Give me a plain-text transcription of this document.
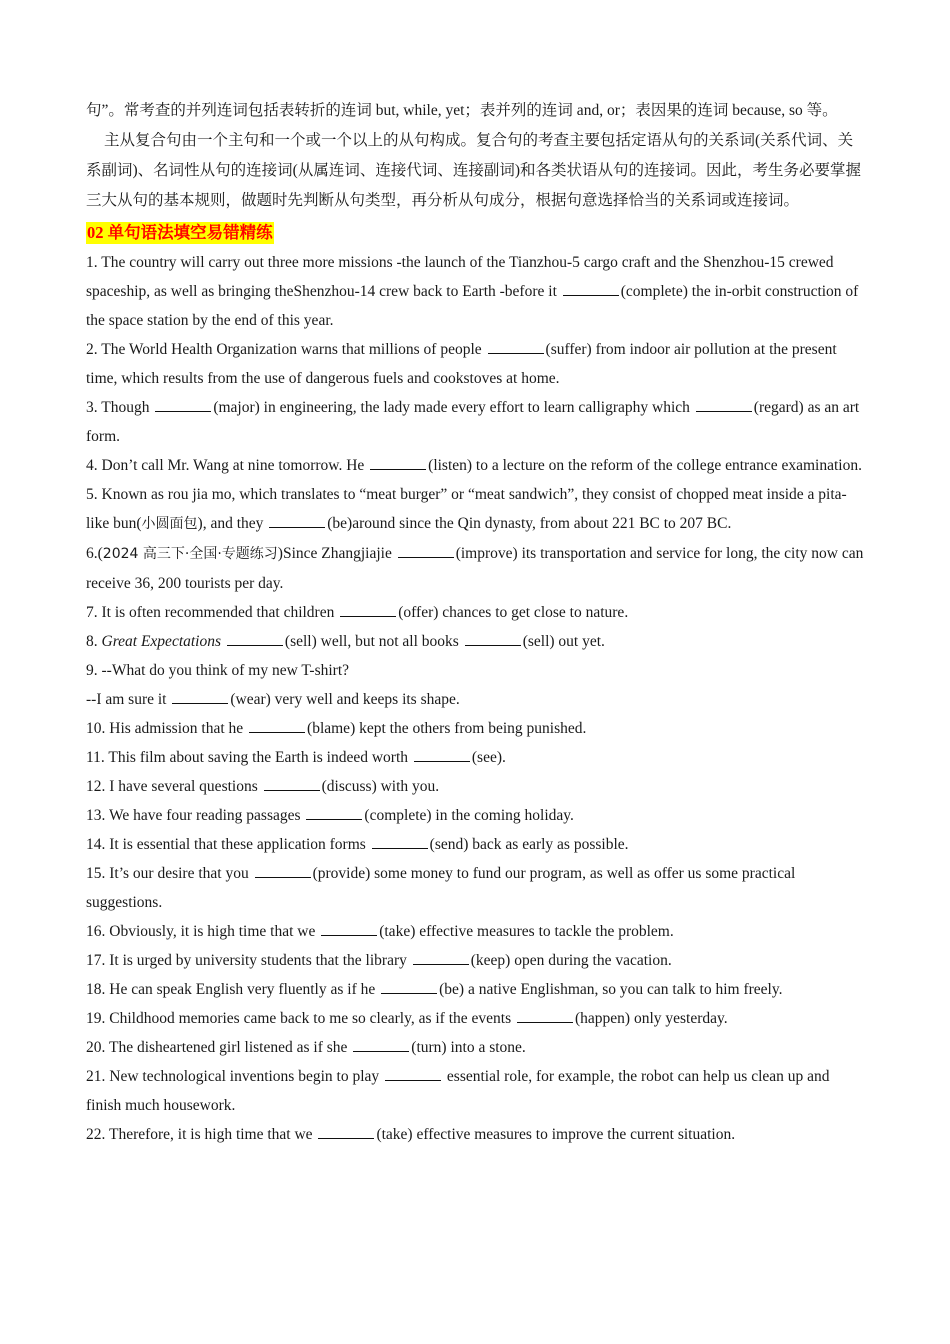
句”。常考查的并列连词包括表转折的连词 but, while, yet；表并列的连词 and, or；表因果的连词 because, so 等。

主从复合句由一个主句和一个或一个以上的从句构成。复合句的考查主要包括定语从句的关系词(关系代词、关系副词)、名词性从句的连接词(从属连词、连接代词、连接副词)和各类状语从句的连接词。因此，考生务必要掌握三大从句的基本规则，做题时先判断从句类型，再分析从句成分，根据句意选择恰当的关系词或连接词。

02 单句语法填空易错精练

1. The country will carry out three more missions -the launch of the Tianzhou-5 cargo craft and the Shenzhou-15 crewed spaceship, as well as bringing theShenzhou-14 crew back to Earth -before it	(complete) the in-orbit construction of the space station by the end of this year.

2. The World Health Organization warns that millions of people	(suffer) from indoor air pollution at the present time, which results from the use of dangerous fuels and cookstoves at home.

3. Though	(major) in engineering, the lady made every effort to learn calligraphy which	(regard) as an art form.

4. Don’t call Mr. Wang at nine tomorrow. He	(listen) to a lecture on the reform of the college entrance examination.

5. Known as rou jia mo, which translates to “meat burger” or “meat sandwich”, they consist of chopped meat inside a pita-like bun(小圆面包), and they	(be)around since the Qin dynasty, from about 221 BC to 207 BC.

6.(2024 高三下·全国·专题练习)Since Zhangjiajie	(improve) its transportation and service for long, the city now can receive 36, 200 tourists per day.

7. It is often recommended that children	(offer) chances to get close to nature.

8. Great Expectations	(sell) well, but not all books	(sell) out yet.

9. --What do you think of my new T-shirt?

--I am sure it	(wear) very well and keeps its shape.

10. His admission that he	(blame) kept the others from being punished.

11. This film about saving the Earth is indeed worth	(see).

12. I have several questions	(discuss) with you.

13. We have four reading passages	(complete) in the coming holiday.

14. It is essential that these application forms	(send) back as early as possible.

15. It’s our desire that you	(provide) some money to fund our program, as well as offer us some practical suggestions.

16. Obviously, it is high time that we	(take) effective measures to tackle the problem.

17. It is urged by university students that the library	(keep) open during the vacation.

18. He can speak English very fluently as if he	(be) a native Englishman, so you can talk to him freely.

19. Childhood memories came back to me so clearly, as if the events	(happen) only yesterday.

20. The disheartened girl listened as if she	(turn) into a stone.

21. New technological inventions begin to play	essential role, for example, the robot can help us clean up and finish much housework.

22. Therefore, it is high time that we	(take) effective measures to improve the current situation.
